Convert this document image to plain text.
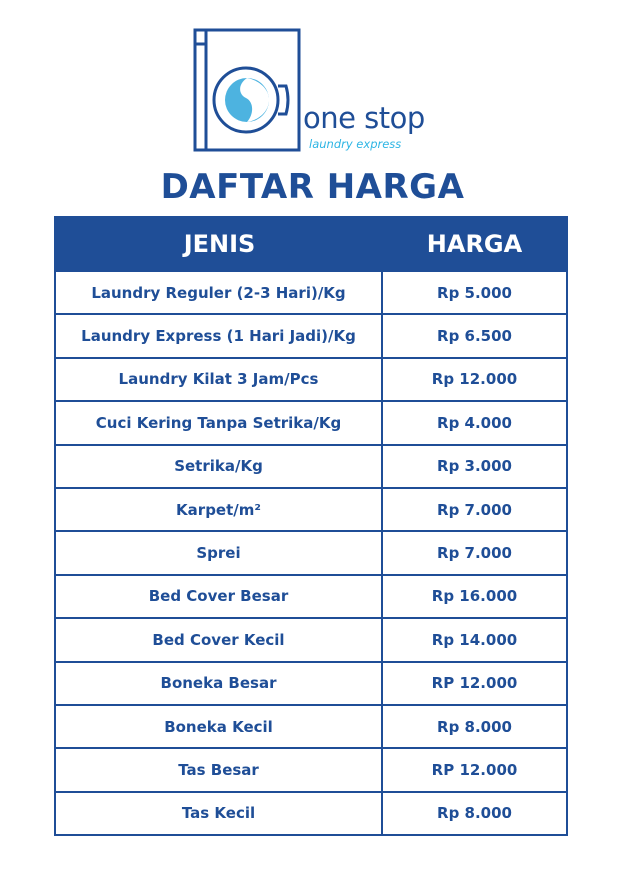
one stop
laundry express
DAFTAR HARGA
JENIS	HARGA
Laundry Reguler (2-3 Hari)/Kg	Rp 5.000
Laundry Express (1 Hari Jadi)/Kg	Rp 6.500
Laundry Kilat 3 Jam/Pcs	Rp 12.000
Cuci Kering Tanpa Setrika/Kg	Rp 4.000
Setrika/Kg	Rp 3.000
Karpet/m²	Rp 7.000
Sprei	Rp 7.000
Bed Cover Besar	Rp 16.000
Bed Cover Kecil	Rp 14.000
Boneka Besar	RP 12.000
Boneka Kecil	Rp 8.000
Tas Besar	RP 12.000
Tas Kecil	Rp 8.000
